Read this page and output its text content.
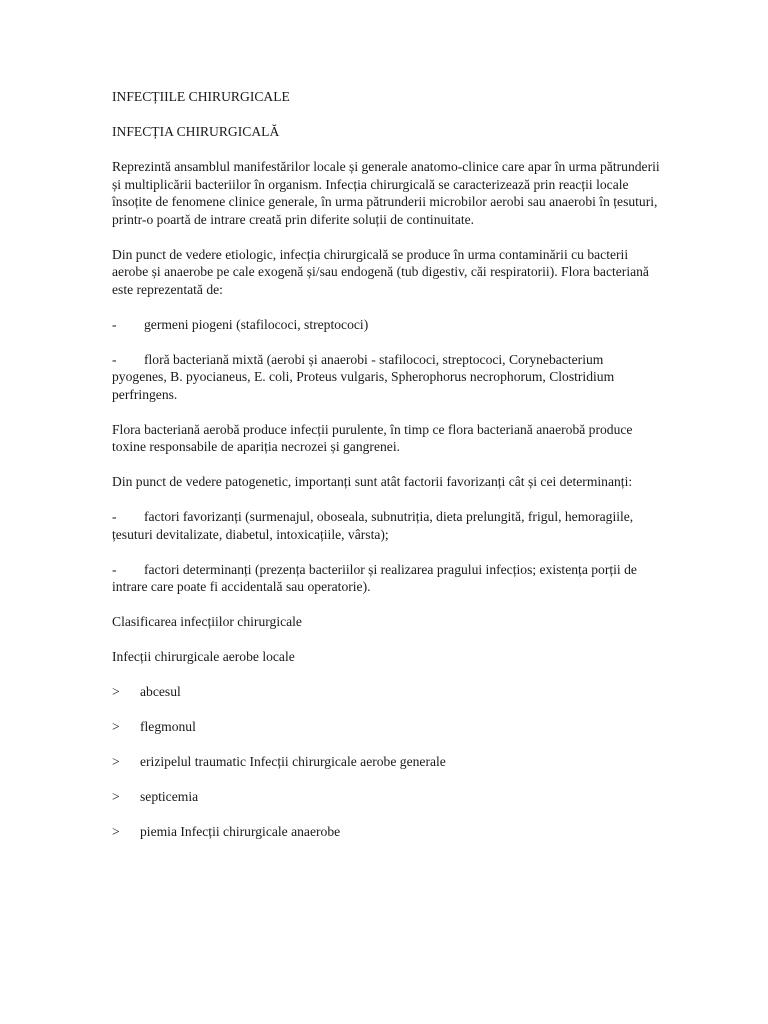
INFECȚIILE CHIRURGICALE

INFECȚIA CHIRURGICALĂ

Reprezintă ansamblul manifestărilor locale și generale anatomo-clinice care apar în urma pătrunderii și multiplicării bacteriilor în organism. Infecția chirurgicală se caracterizează prin reacții locale însoțite de fenomene clinice generale, în urma pătrunderii microbilor aerobi sau anaerobi în țesuturi, printr-o poartă de intrare creată prin diferite soluții de continuitate.

Din punct de vedere etiologic, infecția chirurgicală se produce în urma contaminării cu bacterii aerobe și anaerobe pe cale exogenă și/sau endogenă (tub digestiv, căi respiratorii). Flora bacteriană este reprezentată de:

- germeni piogeni (stafilococi, streptococi)

- floră bacteriană mixtă (aerobi și anaerobi - stafilococi, streptococi, Corynebacterium pyogenes, B. pyocianeus, E. coli, Proteus vulgaris, Spherophorus necrophorum, Clostridium perfringens.

Flora bacteriană aerobă produce infecții purulente, în timp ce flora bacteriană anaerobă produce toxine responsabile de apariția necrozei și gangrenei.

Din punct de vedere patogenetic, importanți sunt atât factorii favorizanți cât și cei determinanți:

- factori favorizanți (surmenajul, oboseala, subnutriția, dieta prelungită, frigul, hemoragiile, țesuturi devitalizate, diabetul, intoxicațiile, vârsta);

- factori determinanți (prezența bacteriilor și realizarea pragului infecțios; existența porții de intrare care poate fi accidentală sau operatorie).

Clasificarea infecțiilor chirurgicale

Infecții chirurgicale aerobe locale

> abcesul

> flegmonul

> erizipelul traumatic Infecții chirurgicale aerobe generale

> septicemia

> piemia Infecții chirurgicale anaerobe
